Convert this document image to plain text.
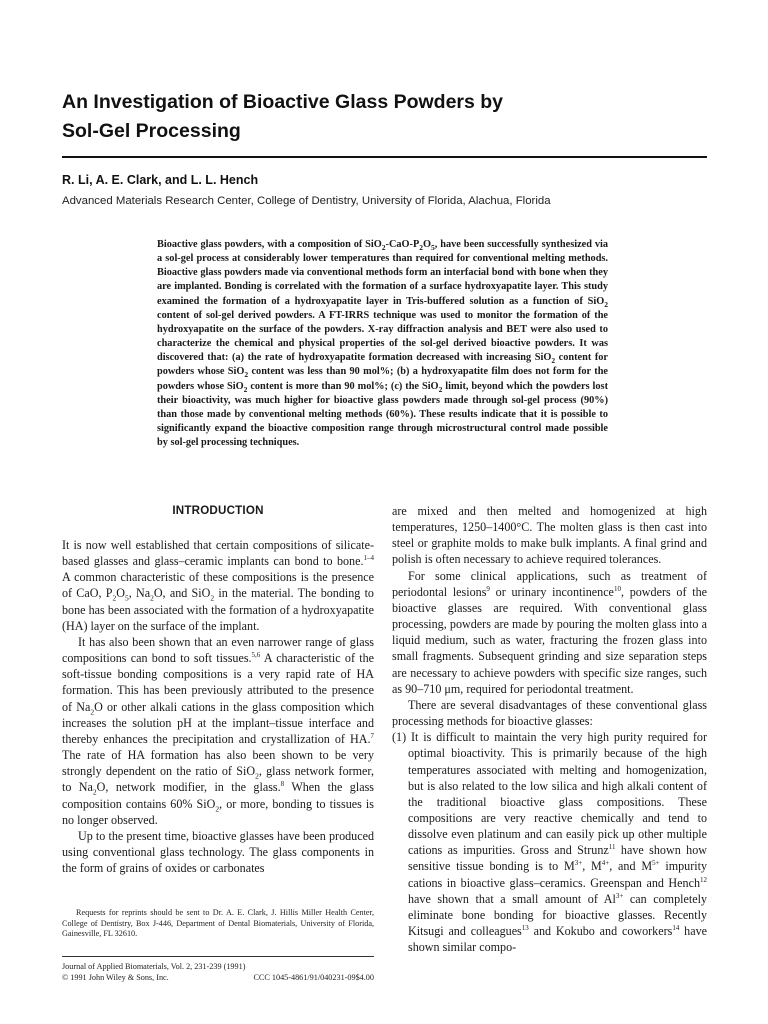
An Investigation of Bioactive Glass Powders by
Sol-Gel Processing
R. Li, A. E. Clark, and L. L. Hench
Advanced Materials Research Center, College of Dentistry, University of Florida, Alachua, Florida

Bioactive glass powders, with a composition of $SiO_2-CaO-P_2O_5$, have been successfully synthesized via a sol-gel process at considerably lower temperatures than required for conventional melting methods. Bioactive glass powders made via conventional methods form an interfacial bond with bone when they are implanted. Bonding is correlated with the formation of a surface hydroxyapatite layer. This study examined the formation of a hydroxyapatite layer in Tris-buffered solution as a function of SiO$_2$ content of sol-gel derived powders. A FT-IRRS technique was used to monitor the formation of the hydroxyapatite on the surface of the powders. X-ray diffraction analysis and BET were also used to characterize the chemical and physical properties of the sol-gel derived bioactive powders. It was discovered that: (a) the rate of hydroxyapatite formation decreased with increasing SiO$_2$ content for powders whose SiO$_2$ content was less than 90 mol%; (b) a hydroxyapatite film does not form for the powders whose SiO$_2$ content is more than 90 mol%; (c) the SiO$_2$ limit, beyond which the powders lost their bioactivity, was much higher for bioactive glass powders made through sol-gel process (90%) than those made by conventional melting methods (60%). These results indicate that it is possible to significantly expand the bioactive composition range through microstructural control made possible by sol-gel processing techniques.

INTRODUCTION

It is now well established that certain compositions of silicate-based glasses and glass–ceramic implants can bond to bone.$^{1-4}$ A common characteristic of these compositions is the presence of CaO, $P_2O_5$, $Na_2O$, and SiO$_2$ in the material. The bonding to bone has been associated with the formation of a hydroxyapatite (HA) layer on the surface of the implant.

It has also been shown that an even narrower range of glass compositions can bond to soft tissues.$^{5,6}$ A characteristic of the soft-tissue bonding compositions is a very rapid rate of HA formation. This has been previously attributed to the presence of $Na_2O$ or other alkali cations in the glass composition which increases the solution pH at the implant–tissue interface and thereby enhances the precipitation and crystallization of HA.$^7$ The rate of HA formation has also been shown to be very strongly dependent on the ratio of SiO$_2$, glass network former, to $Na_2O$, network modifier, in the glass.$^8$ When the glass composition contains 60% SiO$_2$, or more, bonding to tissues is no longer observed.

Up to the present time, bioactive glasses have been produced using conventional glass technology. The glass components in the form of grains of oxides or carbonates

are mixed and then melted and homogenized at high temperatures, 1250–1400°C. The molten glass is then cast into steel or graphite molds to make bulk implants. A final grind and polish is often necessary to achieve required tolerances.

For some clinical applications, such as treatment of periodontal lesions$^9$ or urinary incontinence$^{10}$, powders of the bioactive glasses are required. With conventional glass processing, powders are made by pouring the molten glass into a liquid medium, such as water, fracturing the frozen glass into small fragments. Subsequent grinding and size separation steps are necessary to achieve powders with specific size ranges, such as 90–710 μm, required for periodontal treatment.

There are several disadvantages of these conventional glass processing methods for bioactive glasses:

(1) It is difficult to maintain the very high purity required for optimal bioactivity. This is primarily because of the high temperatures associated with melting and homogenization, but is also related to the low silica and high alkali content of the traditional bioactive glass compositions. These compositions are very reactive chemically and tend to dissolve even platinum and can easily pick up other multiple cations as impurities. Gross and Strunz$^{11}$ have shown how sensitive tissue bonding is to $M^{3+}$, $M^{4+}$, and $M^{5+}$ impurity cations in bioactive glass–ceramics. Greenspan and Hench$^{12}$ have shown that a small amount of $Al^{3+}$ can completely eliminate bone bonding for bioactive glasses. Recently Kitsugi and colleagues$^{13}$ and Kokubo and coworkers$^{14}$ have shown similar compo-

Requests for reprints should be sent to Dr. A. E. Clark, J. Hillis Miller Health Center, College of Dentistry, Box J-446, Department of Dental Biomaterials, University of Florida, Gainesville, FL 32610.
Journal of Applied Biomaterials, Vol. 2, 231-239 (1991)
© 1991 John Wiley & Sons, Inc.	CCC 1045-4861/91/040231-09$4.00
